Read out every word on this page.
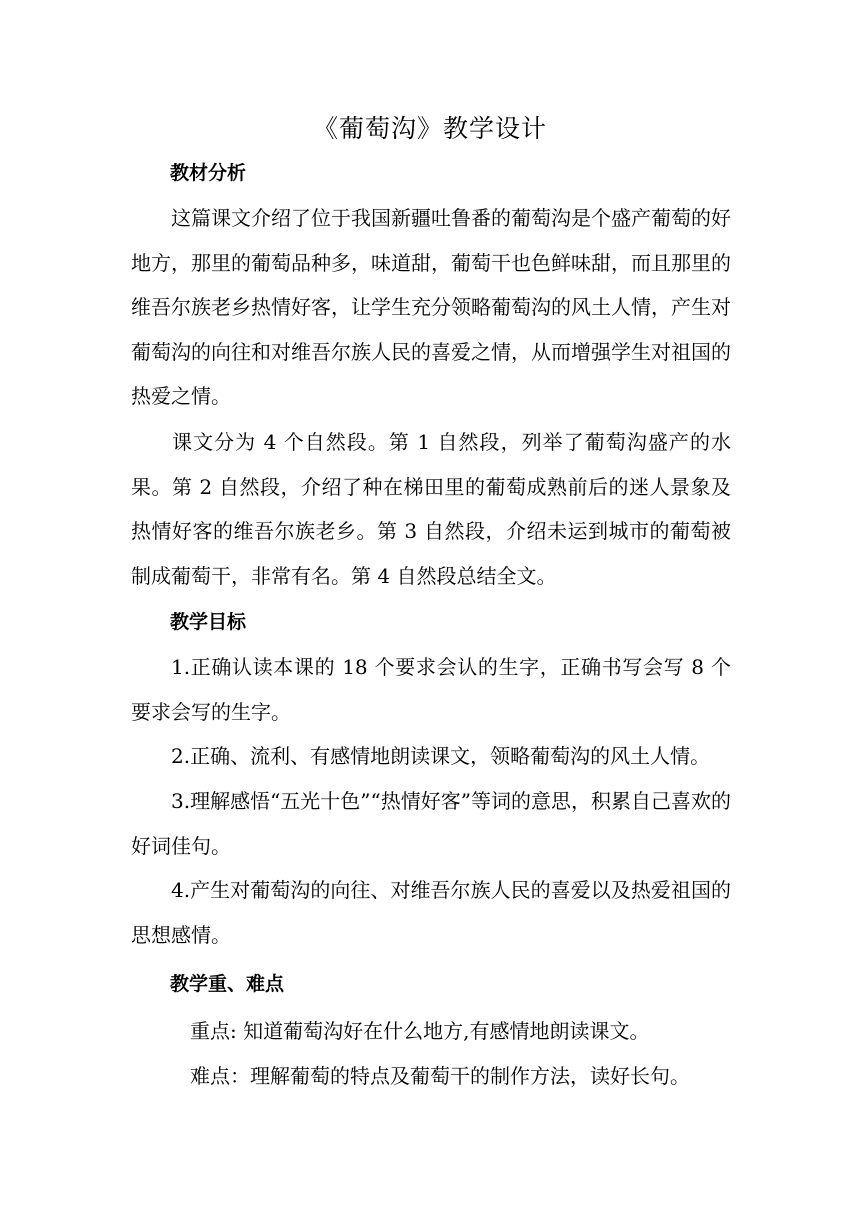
《葡萄沟》教学设计
教材分析

这篇课文介绍了位于我国新疆吐鲁番的葡萄沟是个盛产葡萄的好地方，那里的葡萄品种多，味道甜，葡萄干也色鲜味甜，而且那里的维吾尔族老乡热情好客，让学生充分领略葡萄沟的风土人情，产生对葡萄沟的向往和对维吾尔族人民的喜爱之情，从而增强学生对祖国的热爱之情。

课文分为 4 个自然段。第 1 自然段，列举了葡萄沟盛产的水果。第 2 自然段，介绍了种在梯田里的葡萄成熟前后的迷人景象及热情好客的维吾尔族老乡。第 3 自然段，介绍未运到城市的葡萄被制成葡萄干，非常有名。第 4 自然段总结全文。

教学目标

1.正确认读本课的 18 个要求会认的生字，正确书写会写 8 个要求会写的生字。

2.正确、流利、有感情地朗读课文，领略葡萄沟的风土人情。

3.理解感悟“五光十色”“热情好客”等词的意思，积累自己喜欢的好词佳句。

4.产生对葡萄沟的向往、对维吾尔族人民的喜爱以及热爱祖国的思想感情。

教学重、难点
重点: 知道葡萄沟好在什么地方,有感情地朗读课文。
难点：理解葡萄的特点及葡萄干的制作方法，读好长句。
